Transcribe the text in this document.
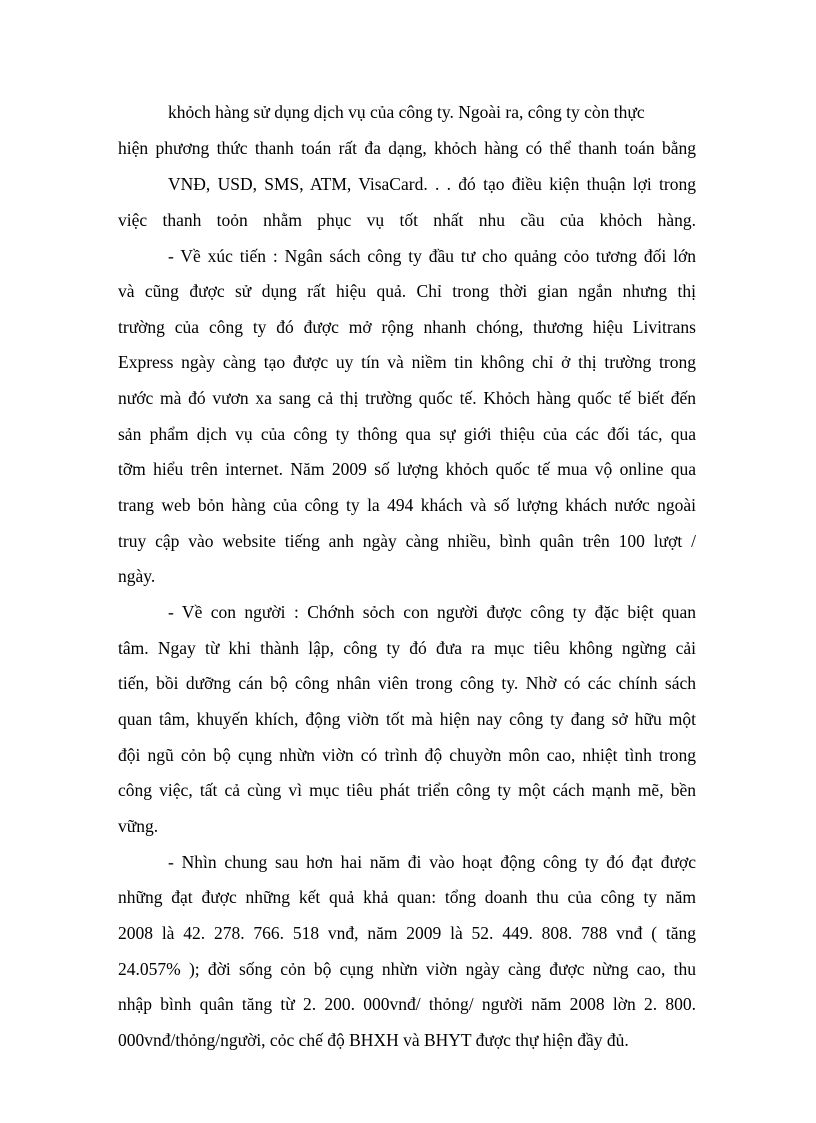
khỏch hàng sử dụng dịch vụ của công ty. Ngoài ra, công ty còn thực
hiện phương thức thanh toán rất đa dạng, khỏch hàng có thể thanh toán bằng
VNĐ, USD, SMS, ATM, VisaCard. . . đó tạo điều kiện thuận lợi trong
việc thanh toỏn nhằm phục vụ tốt nhất nhu cầu của khỏch hàng.
- Về xúc tiến : Ngân sách công ty đầu tư cho quảng cỏo tương đối lớn
và cũng được sử dụng rất hiệu quả. Chỉ trong thời gian ngắn nhưng thị
trường của công ty đó được mở rộng nhanh chóng, thương hiệu Livitrans
Express ngày càng tạo được uy tín và niềm tin không chỉ ở thị trường trong
nước mà đó vươn xa sang cả thị trường quốc tế. Khỏch hàng quốc tế biết đến
sản phẩm dịch vụ của công ty thông qua sự giới thiệu của các đối tác, qua
tỡm hiểu trên internet. Năm 2009 số lượng khỏch quốc tế mua vộ online qua
trang web bỏn hàng của công ty la 494 khách và số lượng khách nước ngoài
truy cập vào website tiếng anh ngày càng nhiều, bình quân trên 100 lượt /
ngày.
- Về con người : Chớnh sỏch con người được công ty đặc biệt quan
tâm. Ngay từ khi thành lập, công ty đó đưa ra mục tiêu không ngừng cải
tiến, bồi dưỡng cán bộ công nhân viên trong công ty. Nhờ có các chính sách
quan tâm, khuyến khích, động viờn tốt mà hiện nay công ty đang sở hữu một
đội ngũ cỏn bộ cụng nhừn viờn có trình độ chuyờn môn cao, nhiệt tình trong
công việc, tất cả cùng vì mục tiêu phát triển công ty một cách mạnh mẽ, bền
vững.
- Nhìn chung sau hơn hai năm đi vào hoạt động công ty đó đạt được
những đạt được những kết quả khả quan: tổng doanh thu của công ty năm
2008 là 42. 278. 766. 518 vnđ, năm 2009 là 52. 449. 808. 788 vnđ ( tăng
24.057% ); đời sống cỏn bộ cụng nhừn viờn ngày càng được nừng cao, thu
nhập bình quân tăng từ 2. 200. 000vnđ/ thỏng/ người năm 2008 lờn 2. 800.
000vnđ/thỏng/người, cỏc chế độ BHXH và BHYT được thự hiện đầy đủ.
